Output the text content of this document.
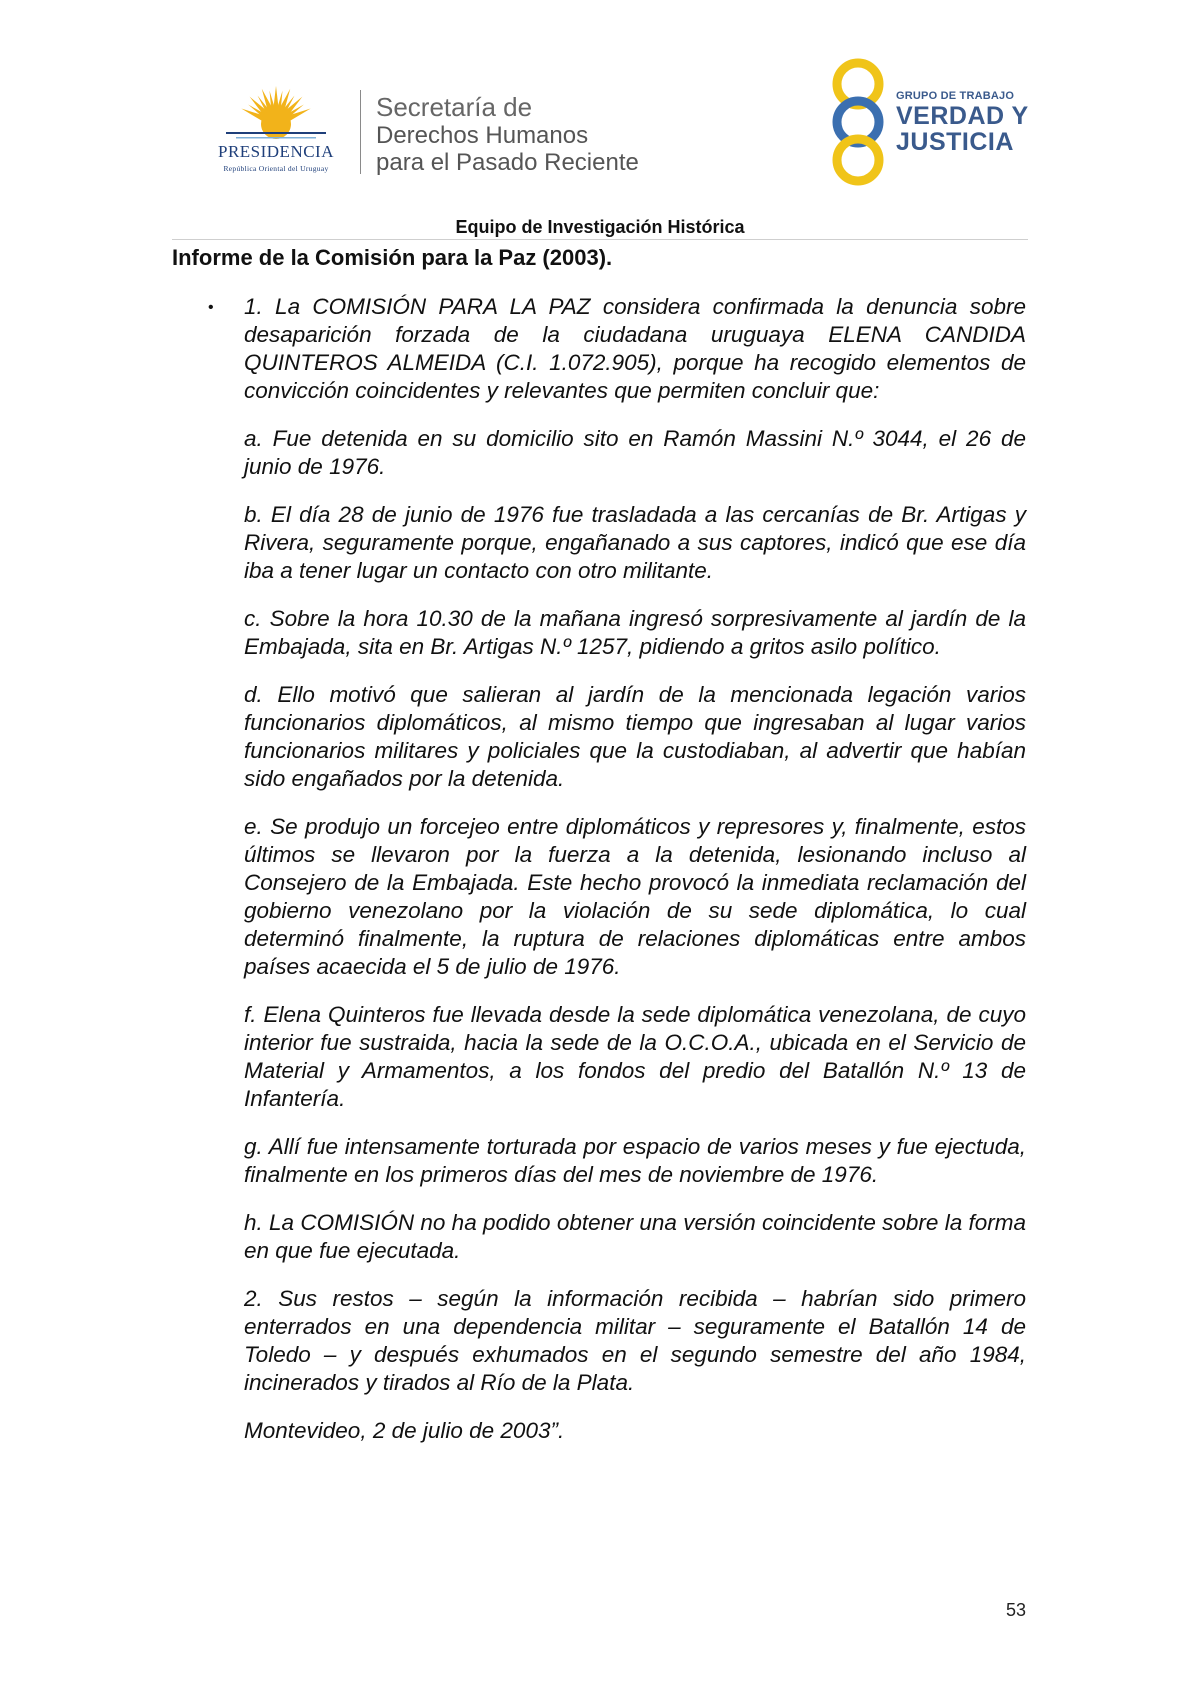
PRESIDENCIA
República Oriental del Uruguay
Secretaría de
Derechos Humanos
para el Pasado Reciente
GRUPO DE TRABAJO
VERDAD Y
JUSTICIA
Equipo de Investigación Histórica
Informe de la Comisión para la Paz (2003).
• 1. La COMISIÓN PARA LA PAZ considera confirmada la denuncia sobre desaparición forzada de la ciudadana uruguaya ELENA CANDIDA QUINTEROS ALMEIDA (C.I. 1.072.905), porque ha recogido elementos de convicción coincidentes y relevantes que permiten concluir que:

a. Fue detenida en su domicilio sito en Ramón Massini N.º 3044, el 26 de junio de 1976.

b. El día 28 de junio de 1976 fue trasladada a las cercanías de Br. Artigas y Rivera, seguramente porque, engañanado a sus captores, indicó que ese día iba a tener lugar un contacto con otro militante.

c. Sobre la hora 10.30 de la mañana ingresó sorpresivamente al jardín de la Embajada, sita en Br. Artigas N.º 1257, pidiendo a gritos asilo político.

d. Ello motivó que salieran al jardín de la mencionada legación varios funcionarios diplomáticos, al mismo tiempo que ingresaban al lugar varios funcionarios militares y policiales que la custodiaban, al advertir que habían sido engañados por la detenida.

e. Se produjo un forcejeo entre diplomáticos y represores y, finalmente, estos últimos se llevaron por la fuerza a la detenida, lesionando incluso al Consejero de la Embajada. Este hecho provocó la inmediata reclamación del gobierno venezolano por la violación de su sede diplomática, lo cual determinó finalmente, la ruptura de relaciones diplomáticas entre ambos países acaecida el 5 de julio de 1976.

f. Elena Quinteros fue llevada desde la sede diplomática venezolana, de cuyo interior fue sustraida, hacia la sede de la O.C.O.A., ubicada en el Servicio de Material y Armamentos, a los fondos del predio del Batallón N.º 13 de Infantería.

g. Allí fue intensamente torturada por espacio de varios meses y fue ejectuda, finalmente en los primeros días del mes de noviembre de 1976.

h. La COMISIÓN no ha podido obtener una versión coincidente sobre la forma en que fue ejecutada.

2. Sus restos – según la información recibida – habrían sido primero enterrados en una dependencia militar – seguramente el Batallón 14 de Toledo – y después exhumados en el segundo semestre del año 1984, incinerados y tirados al Río de la Plata.

Montevideo, 2 de julio de 2003”.

53
